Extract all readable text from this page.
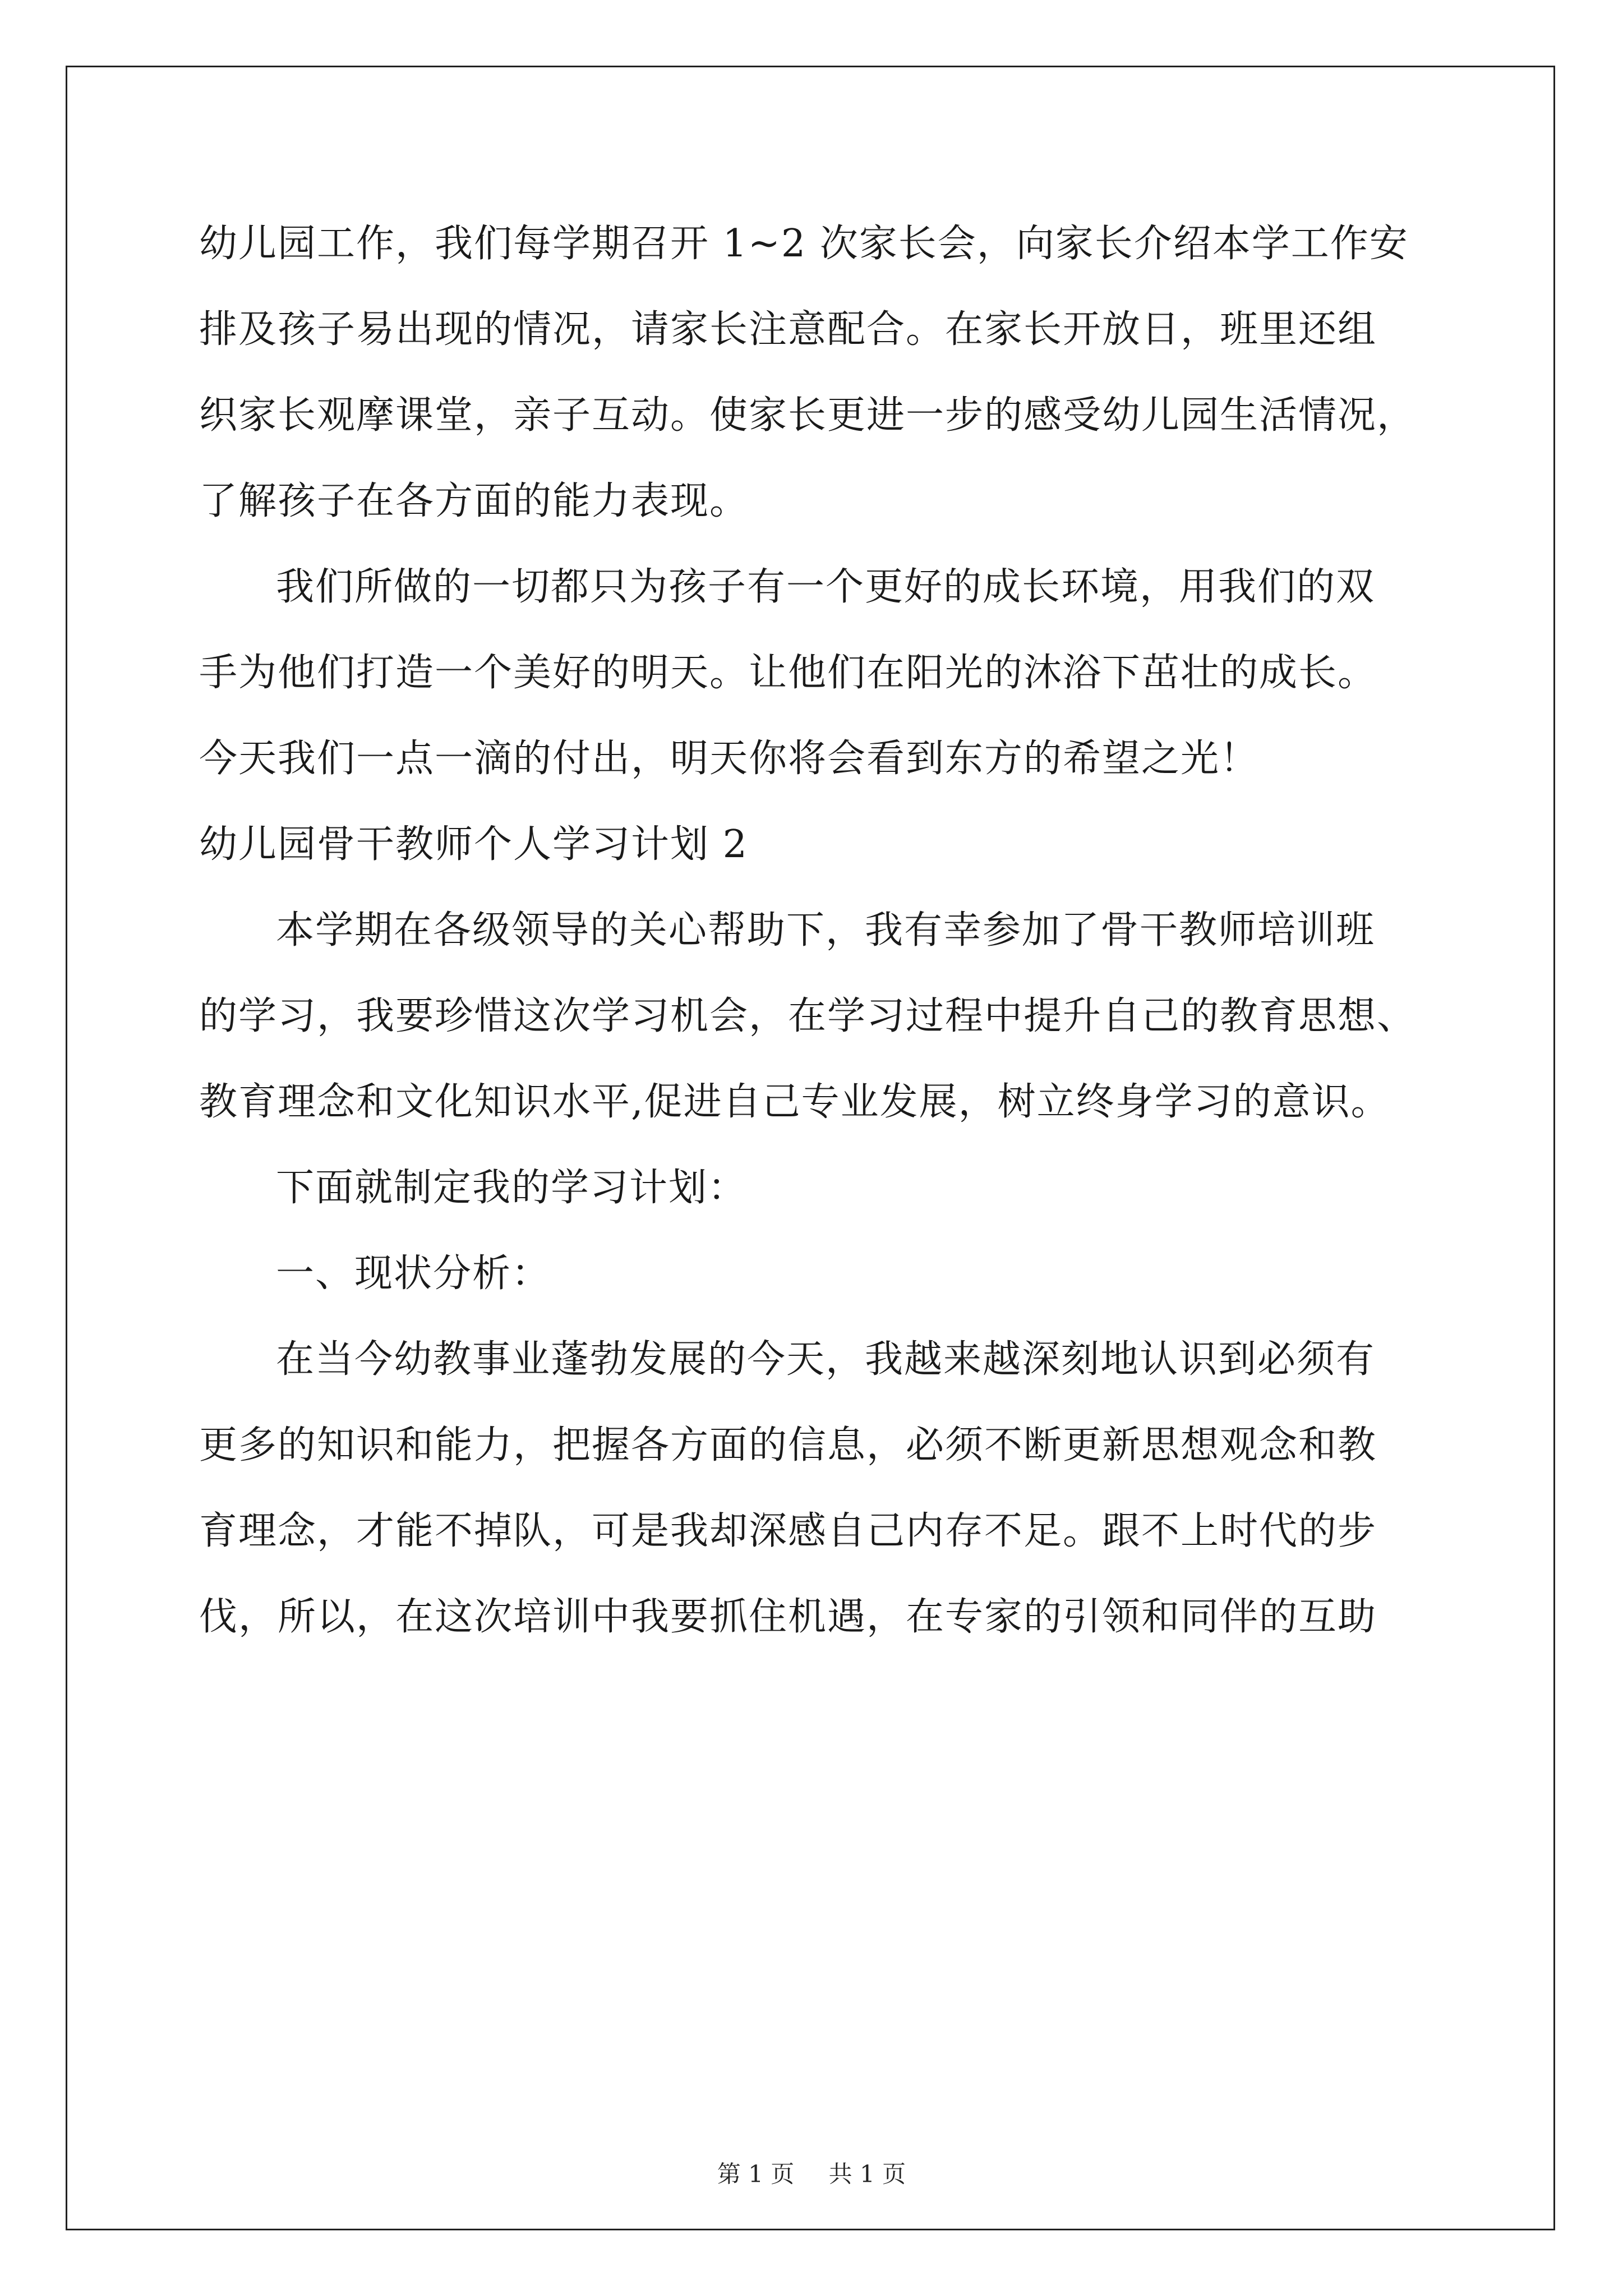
幼儿园工作，我们每学期召开 1~2 次家长会，向家长介绍本学工作安
排及孩子易出现的情况，请家长注意配合。在家长开放日，班里还组
织家长观摩课堂，亲子互动。使家长更进一步的感受幼儿园生活情况，
了解孩子在各方面的能力表现。
我们所做的一切都只为孩子有一个更好的成长环境，用我们的双
手为他们打造一个美好的明天。让他们在阳光的沐浴下茁壮的成长。
今天我们一点一滴的付出，明天你将会看到东方的希望之光！
幼儿园骨干教师个人学习计划 2
本学期在各级领导的关心帮助下，我有幸参加了骨干教师培训班
的学习，我要珍惜这次学习机会，在学习过程中提升自己的教育思想、
教育理念和文化知识水平,促进自己专业发展，树立终身学习的意识。
下面就制定我的学习计划：
一、现状分析：
在当今幼教事业蓬勃发展的今天，我越来越深刻地认识到必须有
更多的知识和能力，把握各方面的信息，必须不断更新思想观念和教
育理念，才能不掉队，可是我却深感自己内存不足。跟不上时代的步
伐，所以，在这次培训中我要抓住机遇，在专家的引领和同伴的互助
第 1 页 共 1 页
